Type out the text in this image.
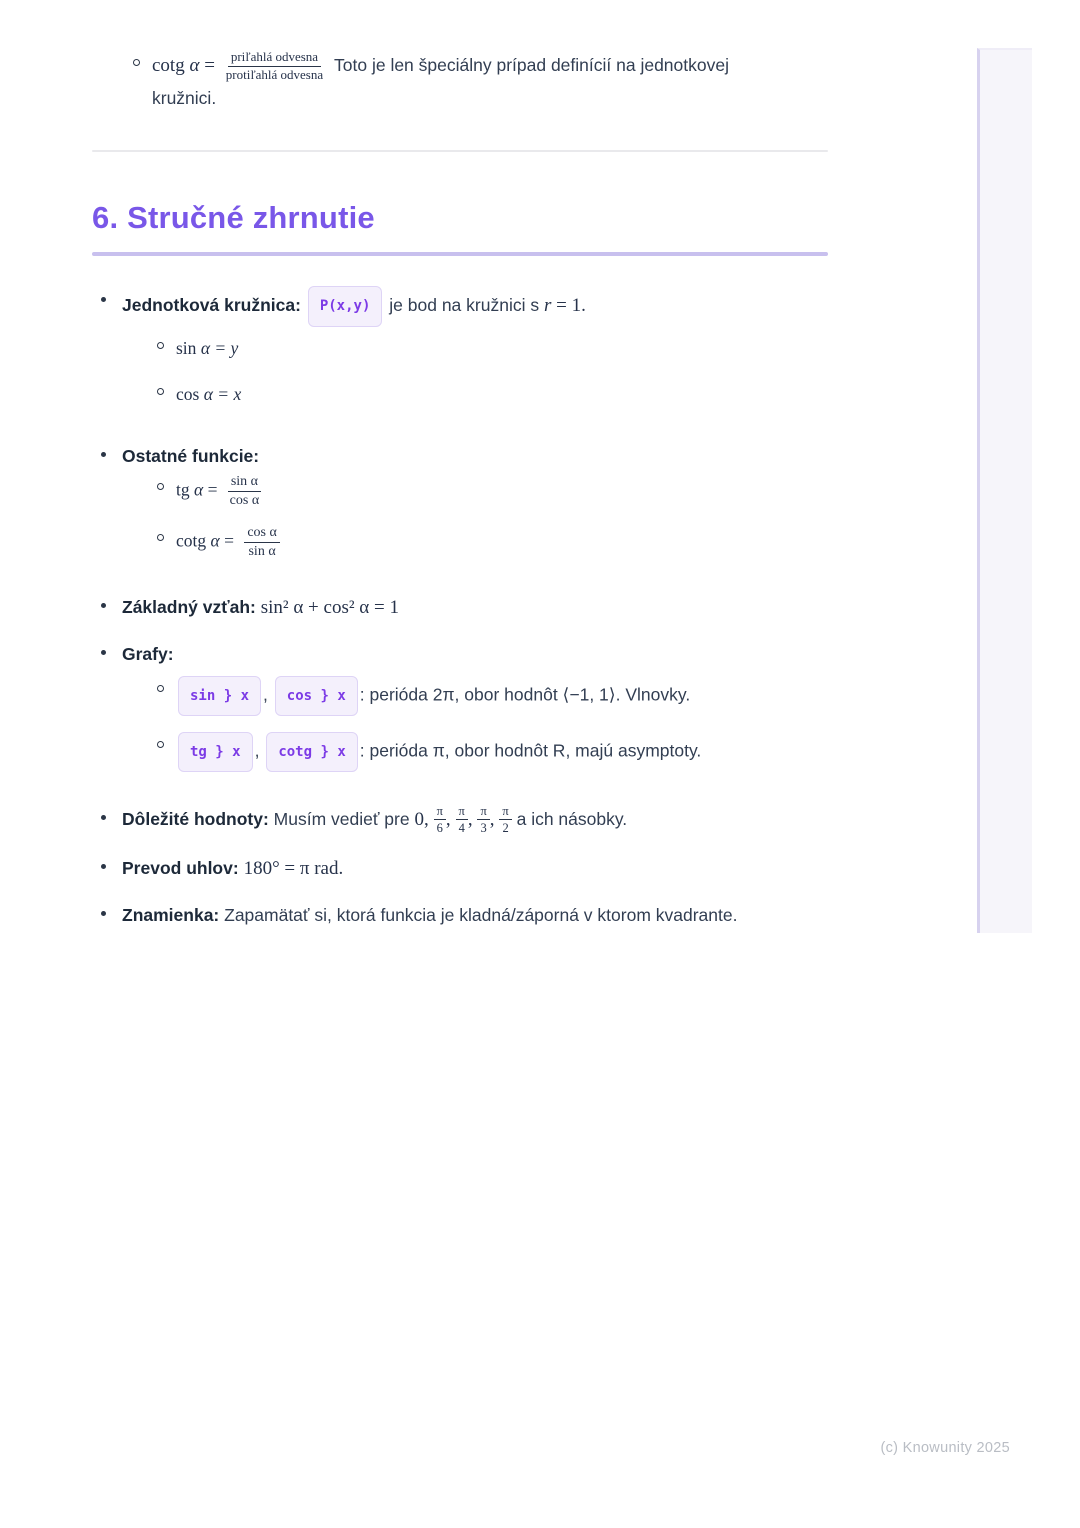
cotg $\alpha = \frac{\text{priľahlá odvesna}}{\text{protiľahlá odvesna}}$ Toto je len špeciálny prípad definícií na jednotkovej kružnici.
6. Stručné zhrnutie
Jednotková kružnica: P(x,y) je bod na kružnici s r = 1.
sin α = y
cos α = x
Ostatné funkcie:
tg $\alpha = \frac{\text{sin α}}{\text{cos α}}$
cotg $\alpha = \frac{\text{cos α}}{\text{sin α}}$
Základný vzťah: sin² α + cos² α = 1
Grafy:
sin } x , cos } x : perióda 2π, obor hodnôt ⟨−1, 1⟩. Vlnovky.
tg } x , cotg } x : perióda π, obor hodnôt R, majú asymptoty.
Dôležité hodnoty: Musím vedieť pre 0, $\frac{\pi}{6}$ , $\frac{\pi}{4}$ , $\frac{\pi}{3}$ , $\frac{\pi}{2}$ a ich násobky.
Prevod uhlov: 180° = π rad.
Znamienka: Zapamätať si, ktorá funkcia je kladná/záporná v ktorom kvadrante.
(c) Knowunity 2025
